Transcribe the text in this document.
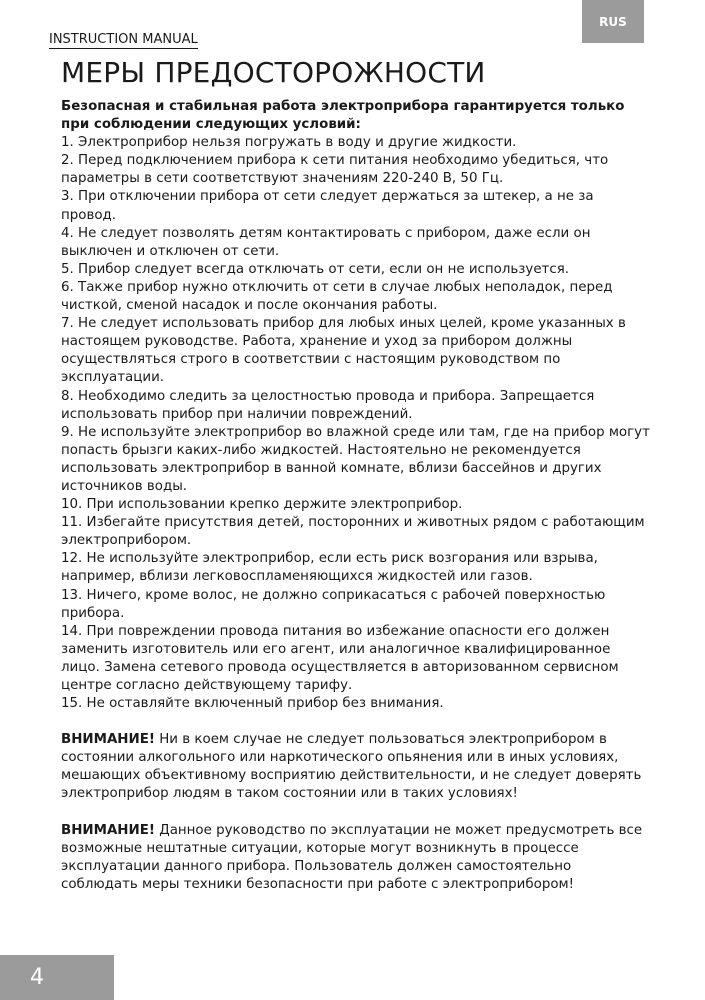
RUS
INSTRUCTION MANUAL
МЕРЫ ПРЕДОСТОРОЖНОСТИ

Безопасная и стабильная работа электроприбора гарантируется только при соблюдении следующих условий:

1. Электроприбор нельзя погружать в воду и другие жидкости.

2. Перед подключением прибора к сети питания необходимо убедиться, что параметры в сети соответствуют значениям 220-240 В, 50 Гц.

3. При отключении прибора от сети следует держаться за штекер, а не за провод.

4. Не следует позволять детям контактировать с прибором, даже если он выключен и отключен от сети.

5. Прибор следует всегда отключать от сети, если он не используется.

6. Также прибор нужно отключить от сети в случае любых неполадок, перед чисткой, сменой насадок и после окончания работы.

7. Не следует использовать прибор для любых иных целей, кроме указанных в настоящем руководстве. Работа, хранение и уход за прибором должны осуществляться строго в соответствии с настоящим руководством по эксплуатации.

8. Необходимо следить за целостностью провода и прибора. Запрещается использовать прибор при наличии повреждений.

9. Не используйте электроприбор во влажной среде или там, где на прибор могут попасть брызги каких-либо жидкостей. Настоятельно не рекомендуется использовать электроприбор в ванной комнате, вблизи бассейнов и других источников воды.

10. При использовании крепко держите электроприбор.

11. Избегайте присутствия детей, посторонних и животных рядом с работающим электроприбором.

12. Не используйте электроприбор, если есть риск возгорания или взрыва, например, вблизи легковоспламеняющихся жидкостей или газов.

13. Ничего, кроме волос, не должно соприкасаться с рабочей поверхностью прибора.

14. При повреждении провода питания во избежание опасности его должен заменить изготовитель или его агент, или аналогичное квалифицированное лицо. Замена сетевого провода осуществляется в авторизованном сервисном центре согласно действующему тарифу.

15. Не оставляйте включенный прибор без внимания.

ВНИМАНИЕ! Ни в коем случае не следует пользоваться электроприбором в состоянии алкогольного или наркотического опьянения или в иных условиях, мешающих объективному восприятию действительности, и не следует доверять электроприбор людям в таком состоянии или в таких условиях!

ВНИМАНИЕ! Данное руководство по эксплуатации не может предусмотреть все возможные нештатные ситуации, которые могут возникнуть в процессе эксплуатации данного прибора. Пользователь должен самостоятельно соблюдать меры техники безопасности при работе с электроприбором!

4
